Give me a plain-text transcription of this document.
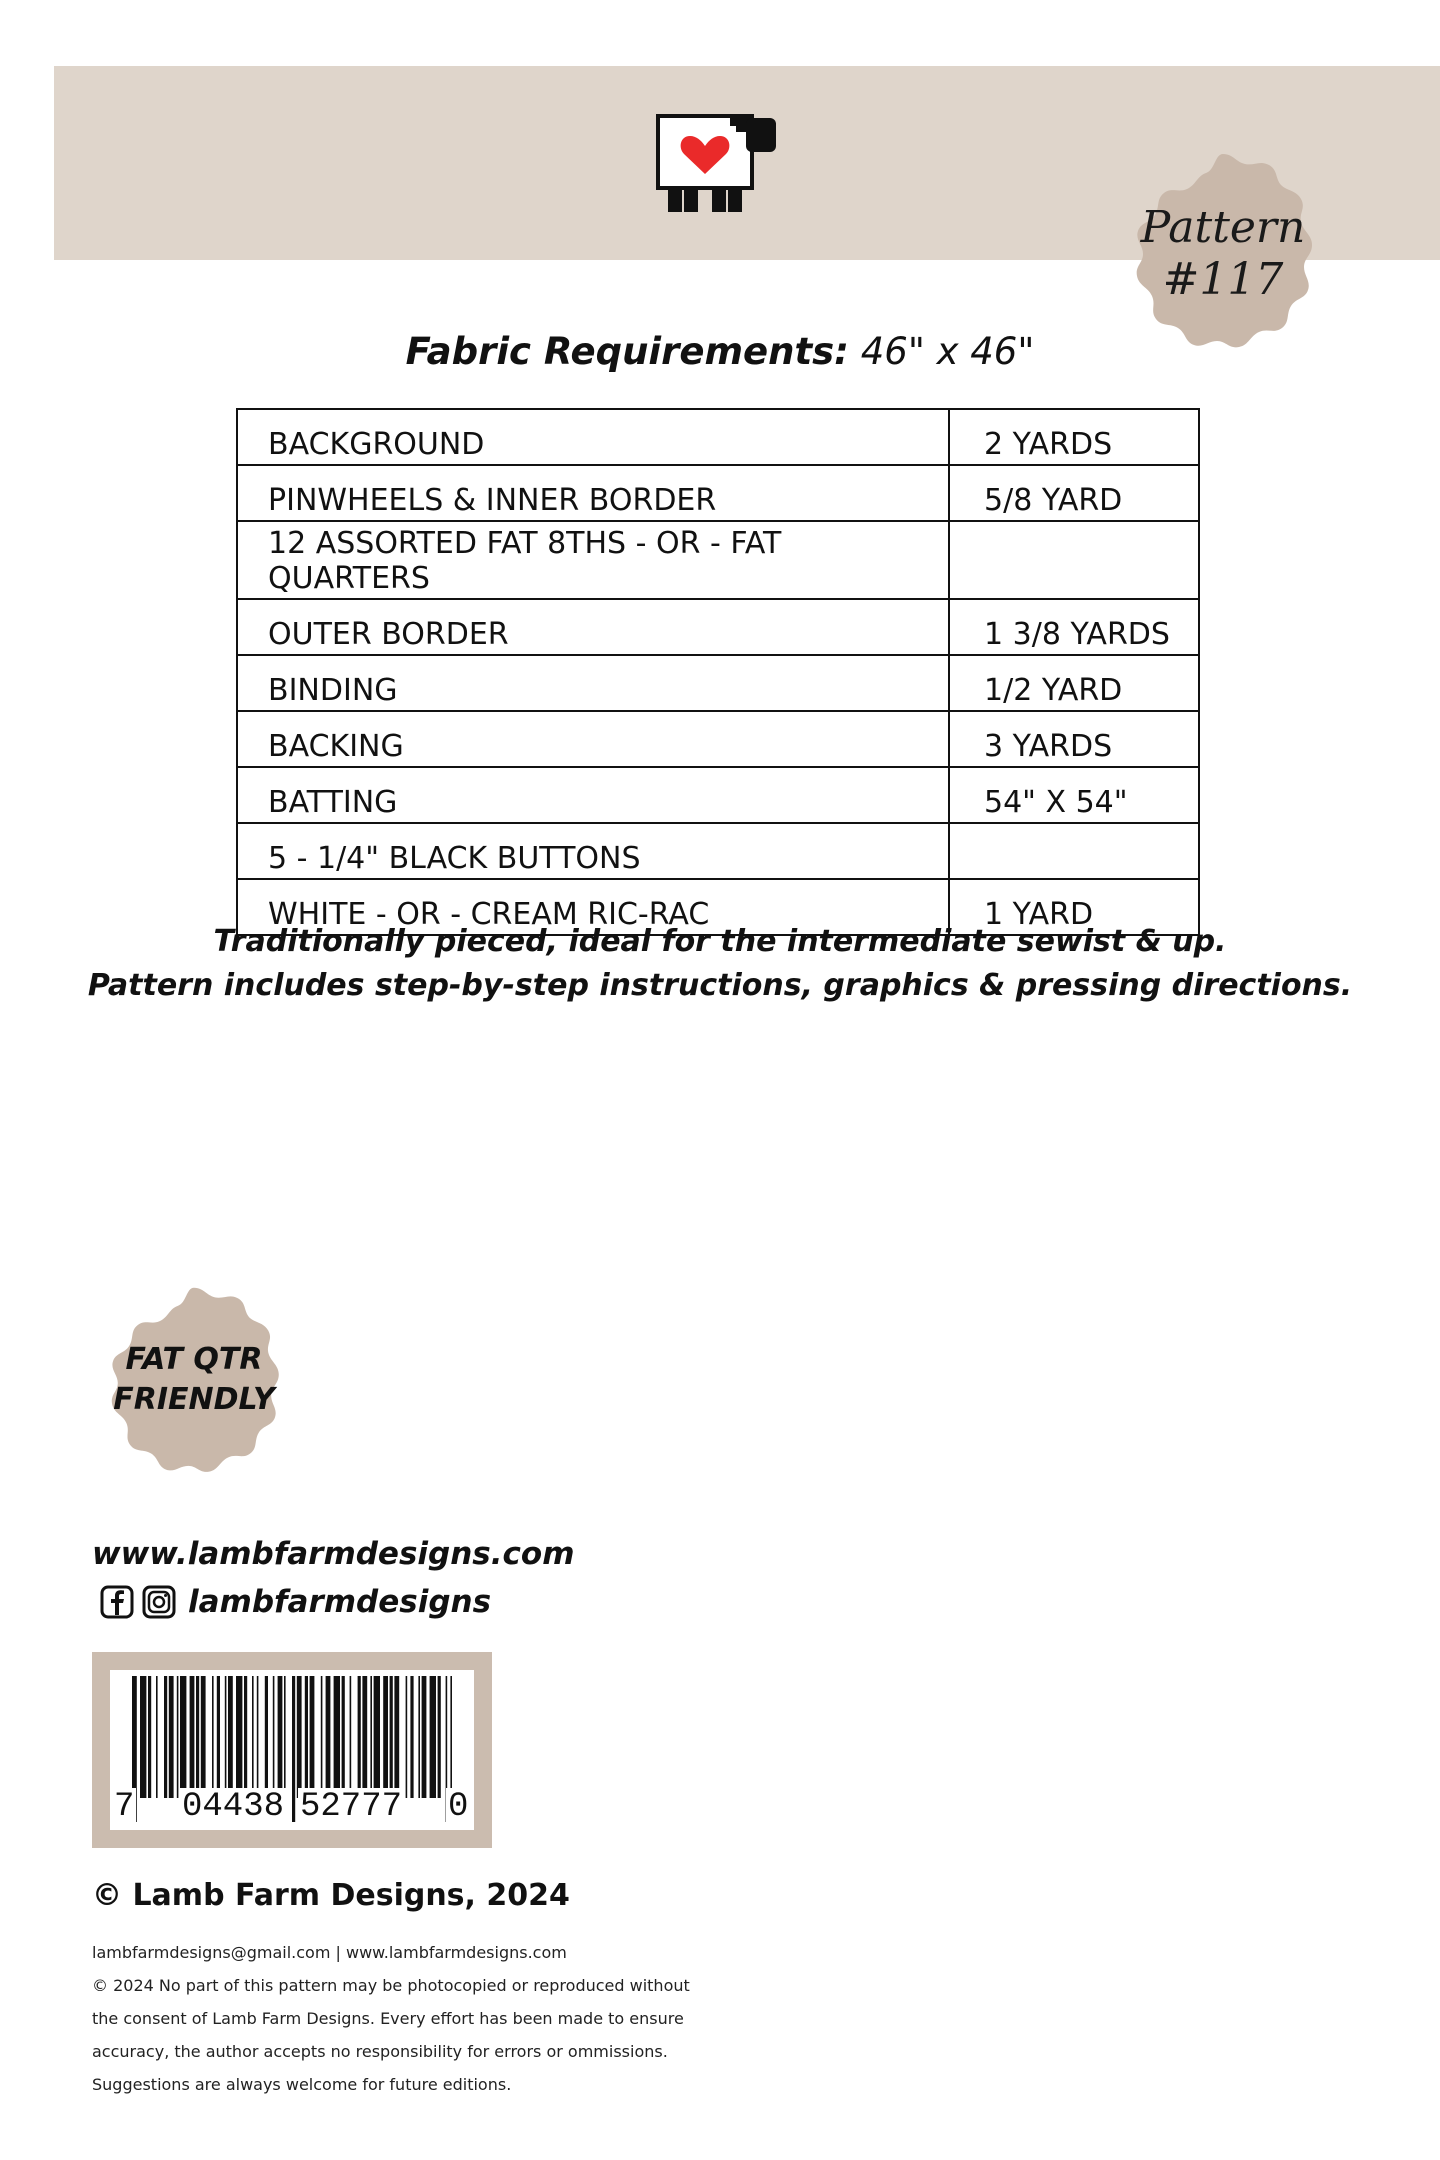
Pattern
#117
Fabric Requirements: 46" x 46"
BACKGROUND	2 YARDS
PINWHEELS & INNER BORDER	5/8 YARD
12 ASSORTED FAT 8THS - OR - FAT QUARTERS	
OUTER BORDER	1 3/8 YARDS
BINDING	1/2 YARD
BACKING	3 YARDS
BATTING	54" X 54"
5 - 1/4" BLACK BUTTONS	
WHITE - OR - CREAM RIC-RAC	1 YARD
Traditionally pieced, ideal for the intermediate sewist & up.
Pattern includes step-by-step instructions, graphics & pressing directions.
FAT QTR
FRIENDLY
www.lambfarmdesigns.com
lambfarmdesigns
7 04438 52777 0
© Lamb Farm Designs, 2024
lambfarmdesigns@gmail.com | www.lambfarmdesigns.com
© 2024 No part of this pattern may be photocopied or reproduced without
the consent of Lamb Farm Designs. Every effort has been made to ensure
accuracy, the author accepts no responsibility for errors or ommissions.
Suggestions are always welcome for future editions.
